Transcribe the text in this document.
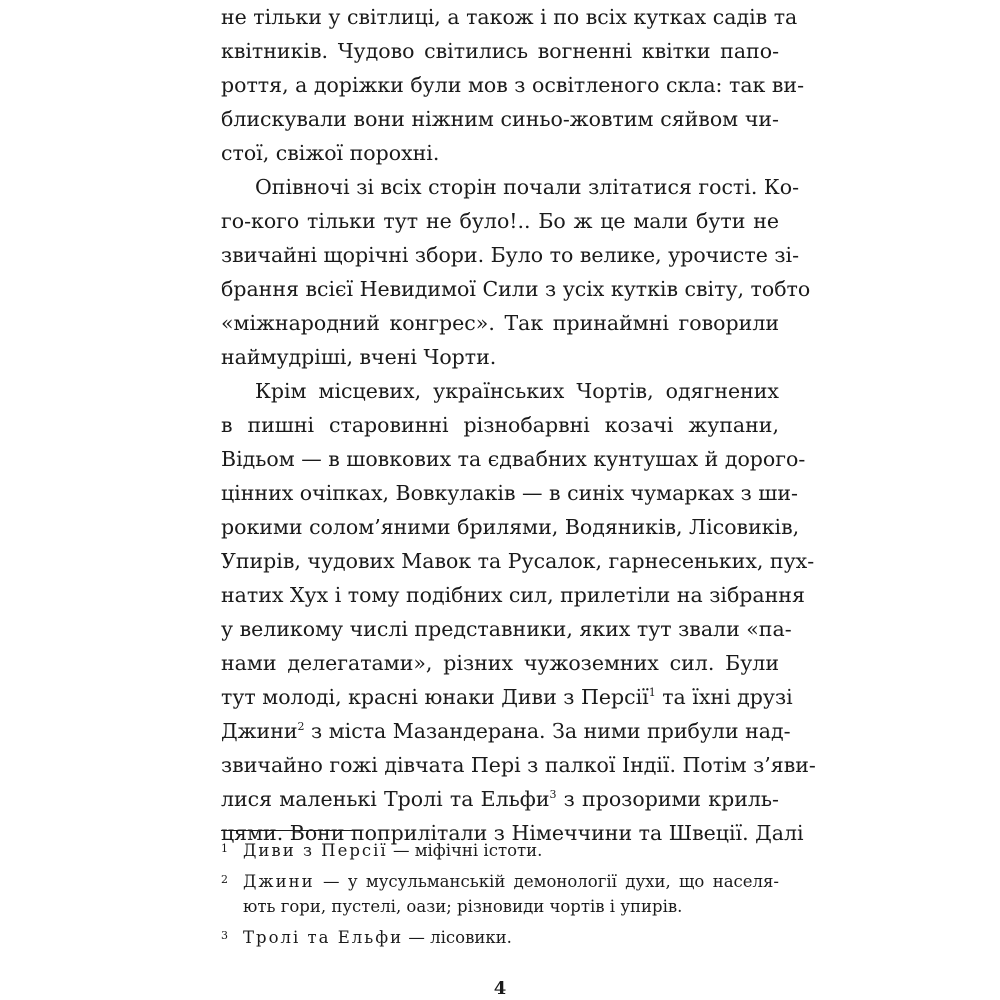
не тільки у світлиці, а також і по всіх кутках садів та
квітників. Чудово світились вогненні квітки папо-
роття, а доріжки були мов з освітленого скла: так ви-
блискували вони ніжним синьо-жовтим сяйвом чи-
стої, свіжої порохні.
Опівночі зі всіх сторін почали злітатися гості. Ко-
го-кого тільки тут не було!.. Бо ж це мали бути не
звичайні щорічні збори. Було то велике, урочисте зі-
брання всієї Невидимої Сили з усіх кутків світу, тобто
«міжнародний конгрес». Так принаймні говорили
наймудріші, вчені Чорти.
Крім місцевих, українських Чортів, одягнених
в пишні старовинні різнобарвні козачі жупани,
Відьом — в шовкових та єдвабних кунтушах й дорого-
цінних очіпках, Вовкулаків — в синіх чумарках з ши-
рокими солом’яними брилями, Водяників, Лісовиків,
Упирів, чудових Мавок та Русалок, гарнесеньких, пух-
натих Хух і тому подібних сил, прилетіли на зібрання
у великому числі представники, яких тут звали «па-
нами делегатами», різних чужоземних сил. Були
тут молоді, красні юнаки Диви з Персії$^1$ та їхні друзі
Джини$^2$ з міста Мазандерана. За ними прибули над-
звичайно гожі дівчата Пері з палкої Індії. Потім з’яви-
лися маленькі Тролі та Ельфи$^3$ з прозорими криль-
цями. Вони поприлітали з Німеччини та Швеції. Далі
1 Диви з Персії — міфічні істоти.
2 Джини — у мусульманській демонології духи, що населя-
ють гори, пустелі, оази; різновиди чортів і упирів.
3 Тролі та Ельфи — лісовики.
4
